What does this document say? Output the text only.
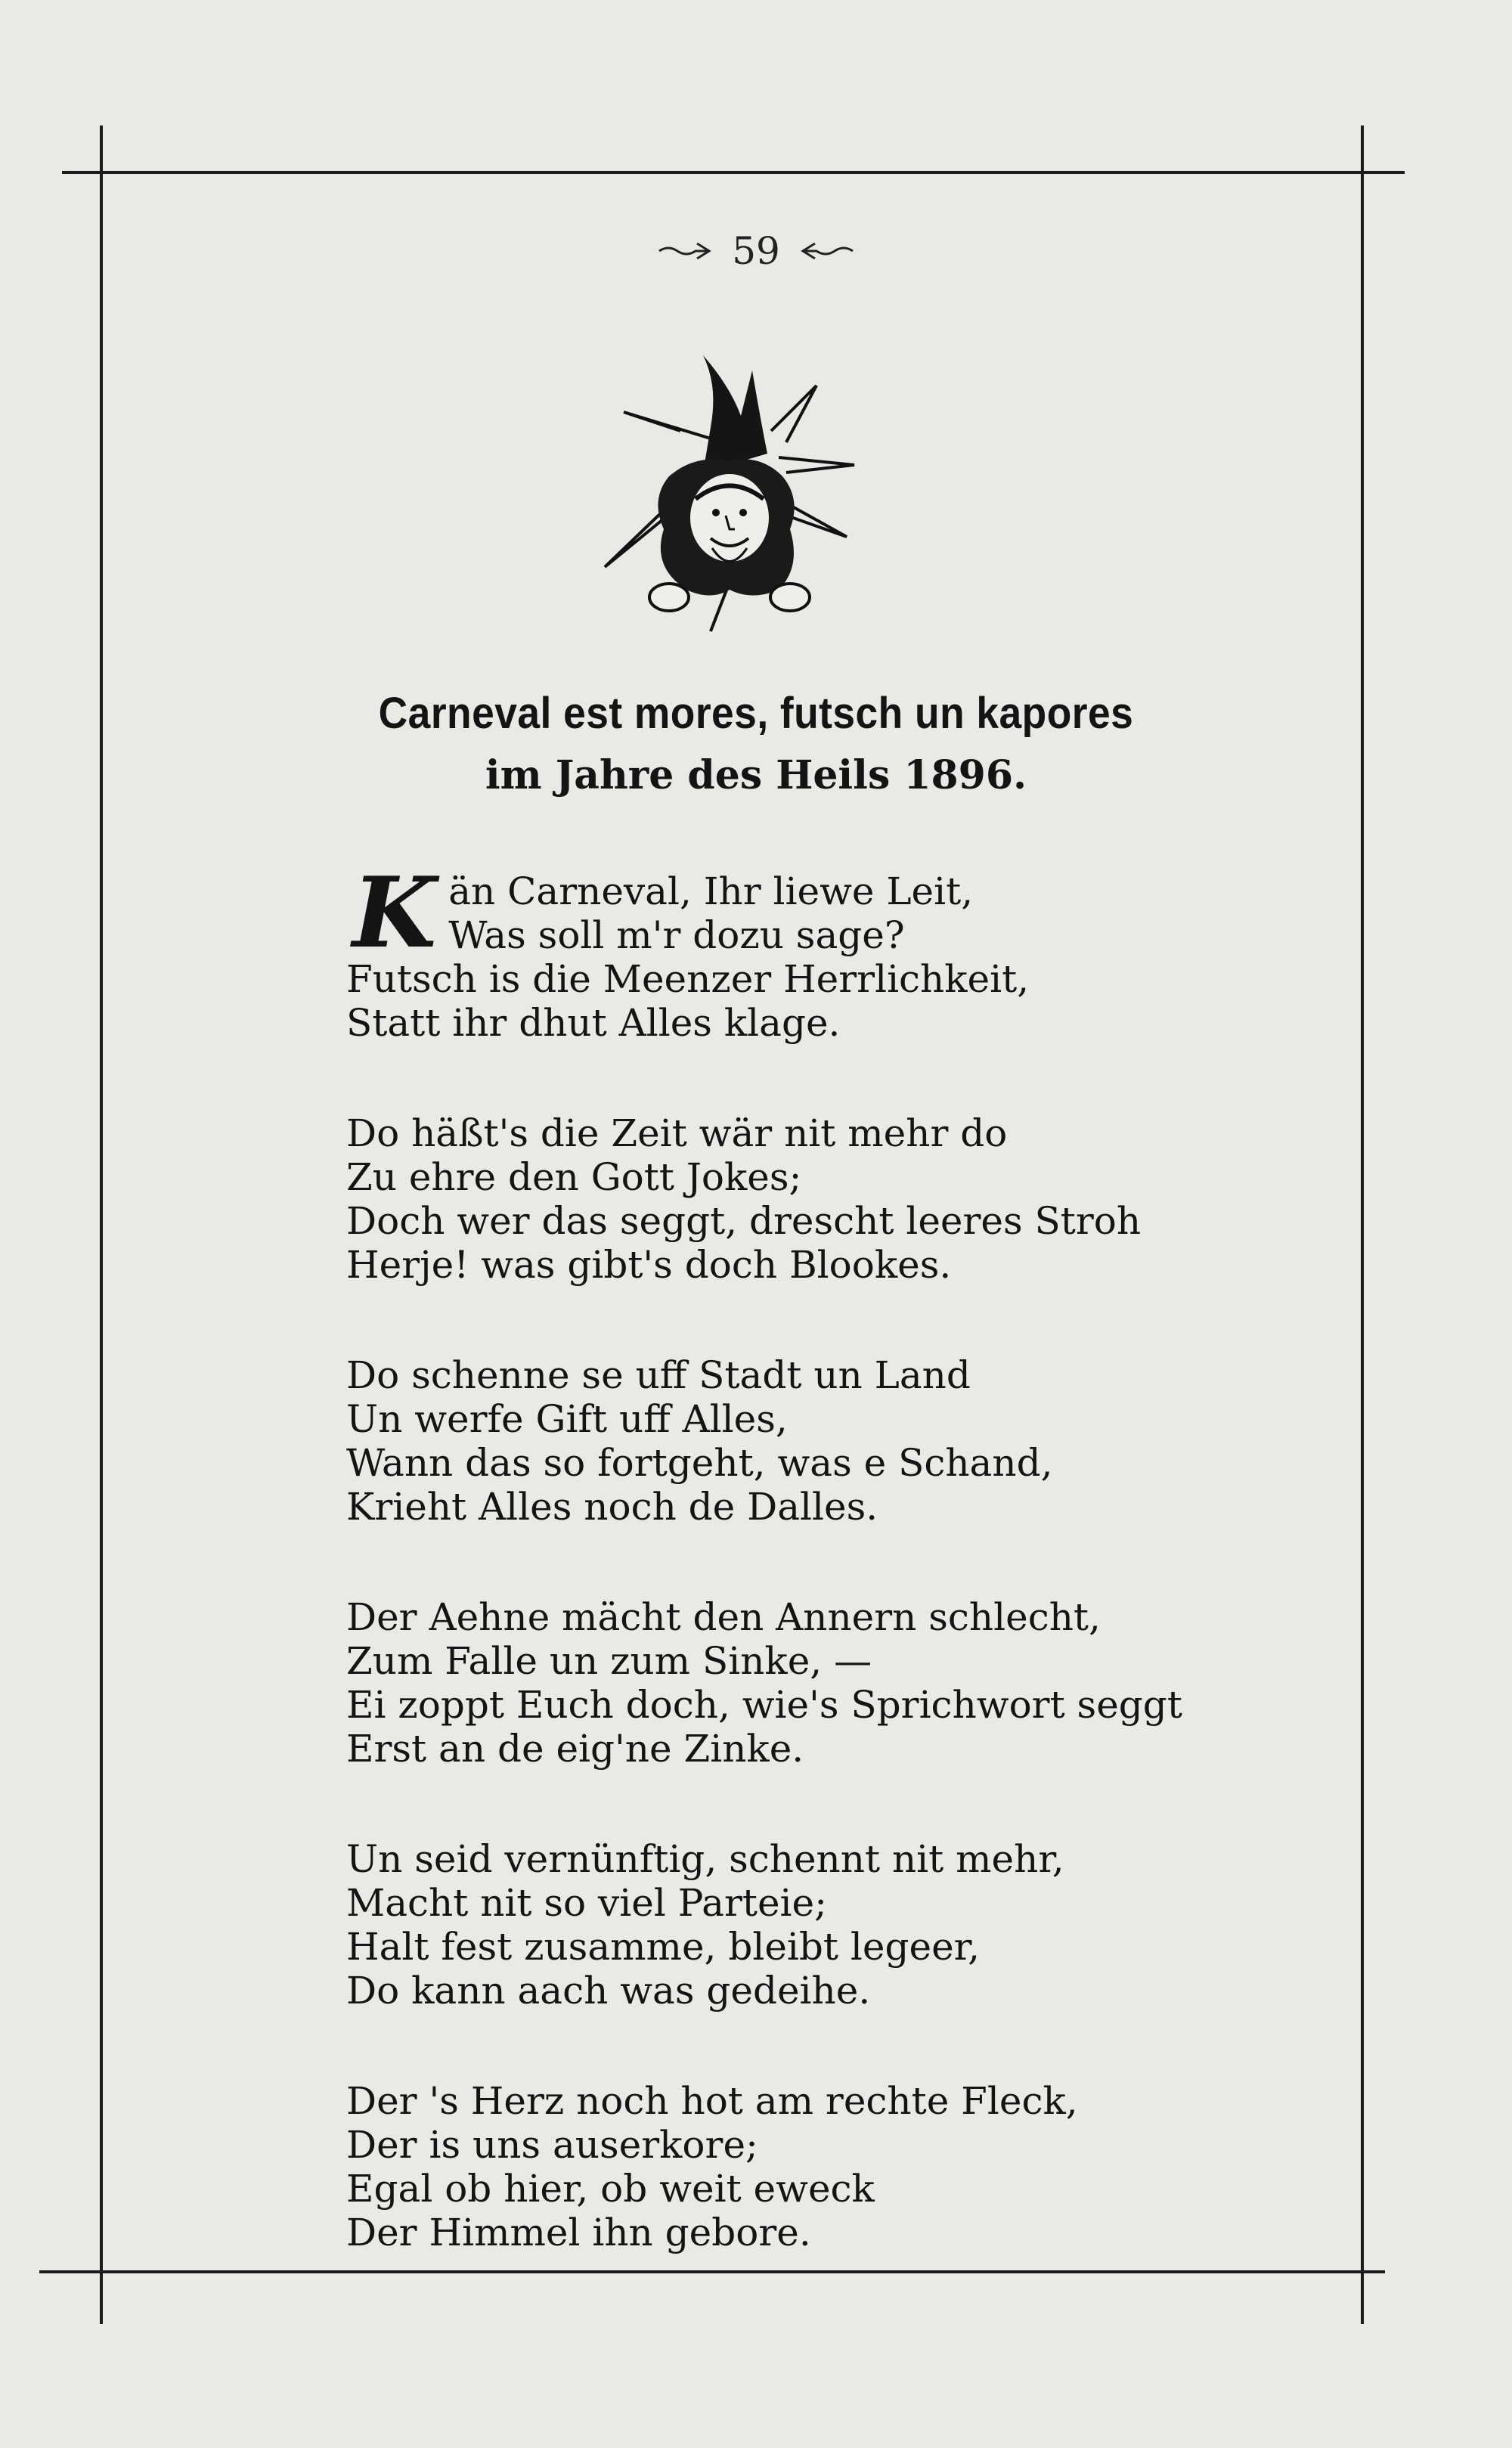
59
Carneval est mores, futsch un kapores
im Jahre des Heils 1896.
K än Carneval, Ihr liewe Leit,
Was soll m'r dozu sage?
Futsch is die Meenzer Herrlichkeit,
Statt ihr dhut Alles klage.
Do häßt's die Zeit wär nit mehr do
Zu ehre den Gott Jokes;
Doch wer das seggt, drescht leeres Stroh
Herje! was gibt's doch Blookes.
Do schenne se uff Stadt un Land
Un werfe Gift uff Alles,
Wann das so fortgeht, was e Schand,
Krieht Alles noch de Dalles.
Der Aehne mächt den Annern schlecht,
Zum Falle un zum Sinke, —
Ei zoppt Euch doch, wie's Sprichwort seggt
Erst an de eig'ne Zinke.
Un seid vernünftig, schennt nit mehr,
Macht nit so viel Parteie;
Halt fest zusamme, bleibt legeer,
Do kann aach was gedeihe.
Der 's Herz noch hot am rechte Fleck,
Der is uns auserkore;
Egal ob hier, ob weit eweck
Der Himmel ihn gebore.
